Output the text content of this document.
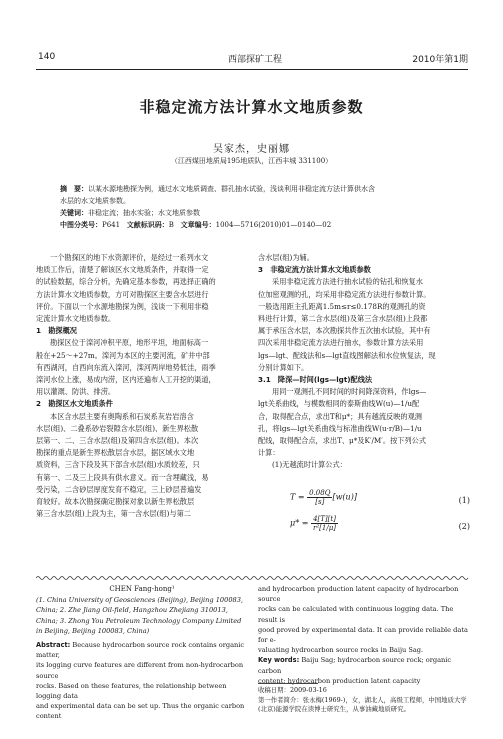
140	西部探矿工程	2010年第1期
非稳定流方法计算水文地质参数
吴家杰，史丽娜
（江西煤田地质局195地质队，江西丰城 331100）
摘　要：以某水源地勘探为例，通过水文地质调查、群孔抽水试验，浅谈利用非稳定流方法计算供水含
水层的水文地质参数。
关键词：非稳定流；抽水实验；水文地质参数
中图分类号：P641 文献标识码：B 文章编号：1004—5716(2010)01—0140—02
一个勘探区的地下水资源评价，是经过一系列水文
地质工作后，清楚了解该区水文地质条件，并取得一定
的试验数据，综合分析，先确定基本参数，再选择正确的
方法计算水文地质参数，方可对勘探区主要含水层进行
评价。下面以一个水源地勘探为例，浅谈一下利用非稳
定流计算水文地质参数。
1　勘探概况
勘探区位于滦河冲积平原，地形平坦，地面标高一
般在+25～+27m。滦河为本区的主要河流，矿井中部
有西湖河，自西向东流入滦河，滦河两岸地势低洼，雨季
滦河水位上涨，易成内涝，区内还遍布人工开挖的渠道，
用以灌溉、防洪、排涝。
2　勘探区水文地质条件
本区含水层主要有奥陶系和石炭系灰岩岩溶含
水层(组)、二叠系砂岩裂隙含水层(组)、新生界松散
层第一、二、三含水层(组)及第四含水层(组)。本次
勘探的重点是新生界松散层含水层，据区域水文地
质资料，三含下段及其下部含水层(组)水质较差，只
有第一、二及三上段具有供水意义。而一含埋藏浅，易
受污染，二含砂层厚度发育不稳定，三上砂层普遍发
育较好。故本次勘探确定勘探对象以新生界松散层
第三含水层(组)上段为主，第一含水层(组)与第二
含水层(组)为辅。
3　非稳定流方法计算水文地质参数
采用非稳定流方法进行抽水试验的钻孔和恢复水
位加密观测的孔，均采用非稳定流方法进行参数计算。
一般选用距主孔距离1.5m≤r≤0.178R的观测孔的资
料进行计算，第二含水层(组)及第三含水层(组)上段都
属于承压含水层，本次勘探共作五次抽水试验，其中有
四次采用非稳定流方法进行抽水，参数计算方法采用
lgs—lgt、配线法和s—lgt直线图解法和水位恢复法，现
分别计算如下。
3.1　降深—时间(lgs—lgt)配线法
用同一观测孔不同时间的时间降深资料，作lgs—
lgt关系曲线，与模数相同的泰斯曲线W(u)—1/u配
合，取得配合点，求出T和μ*；具有越流反映的观测
孔，将lgs—lgt关系曲线与标准曲线W(u·r/B)—1/u
配线，取得配合点，求出T、μ*及K′/M′。按下列公式
计算：
(1)无越流时计算公式：
$T = \frac{0.08Q}{[s]} [w(u)]$	(1)
$\mu* = \frac{4[T][t]}{\text{r²[1/μ]}}$	(2)
CHEN Fang-hong¹
(1. China University of Geosciences (Beijing), Beijing 100083,
China; 2. Zhe Jiang Oil-field, Hangzhou Zhejiang 310013,
China; 3. Zhong You Petroleum Technology Company Limited
in Beijing, Beijing 100083, China)
Abstract: Because hydrocarbon source rock contains organic matter,
its logging curve features are different from non-hydrocarbon source
rocks. Based on these features, the relationship between logging data
and experimental data can be set up. Thus the organic carbon content
and hydrocarbon production latent capacity of hydrocarbon source
rocks can be calculated with continuous logging data. The result is
good proved by experimental data. It can provide reliable data for e-
valuating hydrocarbon source rocks in Baiju Sag.
Key words: Baiju Sag; hydrocarbon source rock; organic carbon
content; hydrocarbon production latent capacity
收稿日期：2009-03-16
第一作者简介：张永梅(1969-)，女，湖北人，高级工程师，中国地质大学
(北京)能源学院在读博士研究生，从事油藏地质研究。
